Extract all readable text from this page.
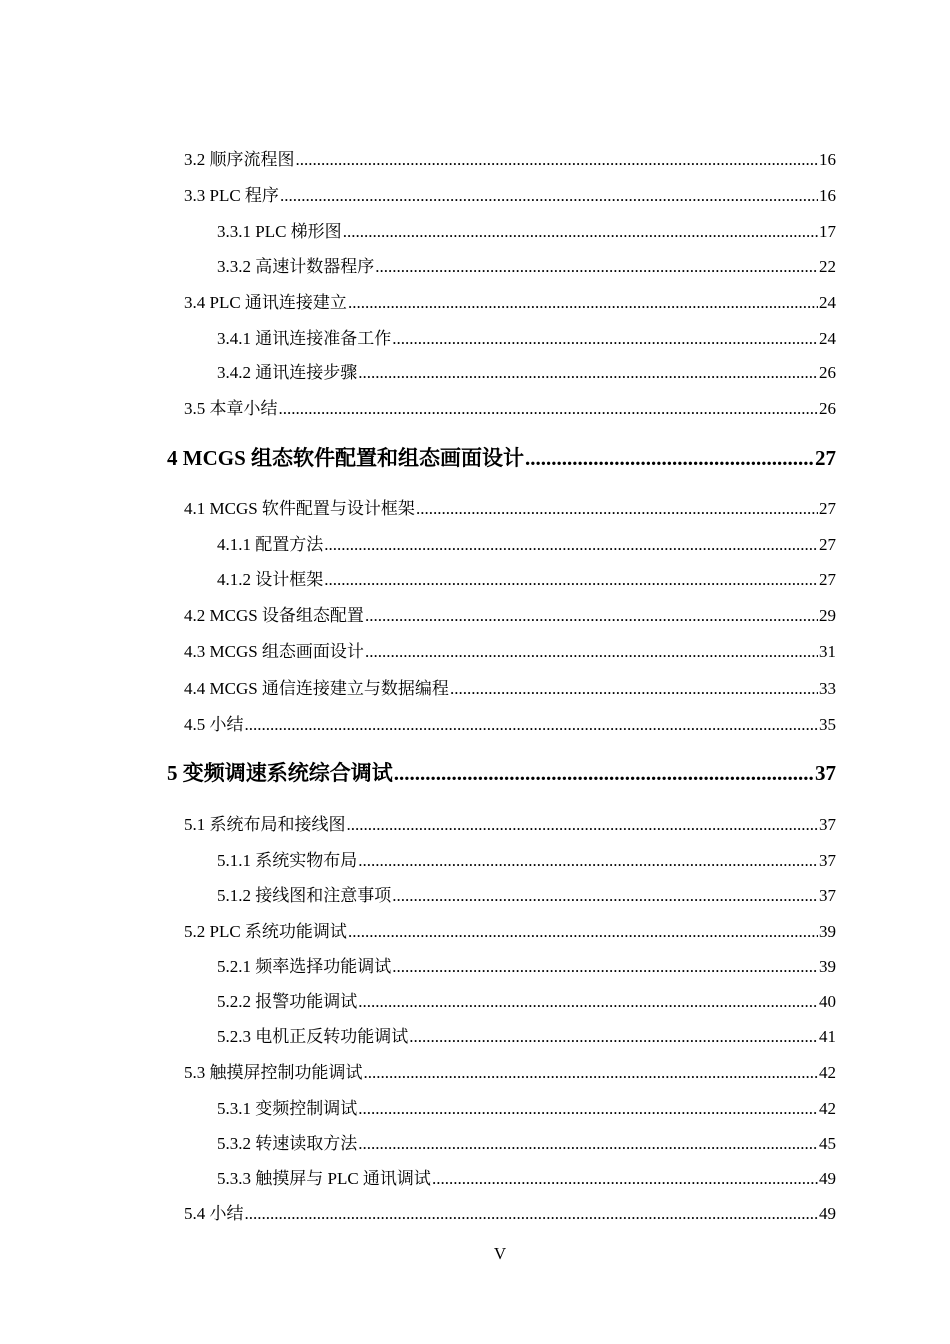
3.2 顺序流程图 .....	16
3.3 PLC 程序 .....	16
3.3.1 PLC 梯形图 .....	17
3.3.2 高速计数器程序 .....	22
3.4 PLC 通讯连接建立 .....	24
3.4.1 通讯连接准备工作 .....	24
3.4.2 通讯连接步骤 .....	26
3.5 本章小结 .....	26
4 MCGS 组态软件配置和组态画面设计 .....	27
4.1 MCGS 软件配置与设计框架 .....	27
4.1.1 配置方法 .....	27
4.1.2 设计框架 .....	27
4.2 MCGS 设备组态配置 .....	29
4.3 MCGS 组态画面设计 .....	31
4.4 MCGS 通信连接建立与数据编程 .....	33
4.5 小结 .....	35
5 变频调速系统综合调试 .....	37
5.1 系统布局和接线图 .....	37
5.1.1 系统实物布局 .....	37
5.1.2 接线图和注意事项 .....	37
5.2 PLC 系统功能调试 .....	39
5.2.1 频率选择功能调试 .....	39
5.2.2 报警功能调试 .....	40
5.2.3 电机正反转功能调试 .....	41
5.3 触摸屏控制功能调试 .....	42
5.3.1 变频控制调试 .....	42
5.3.2 转速读取方法 .....	45
5.3.3 触摸屏与 PLC 通讯调试 .....	49
5.4 小结 .....	49
V
